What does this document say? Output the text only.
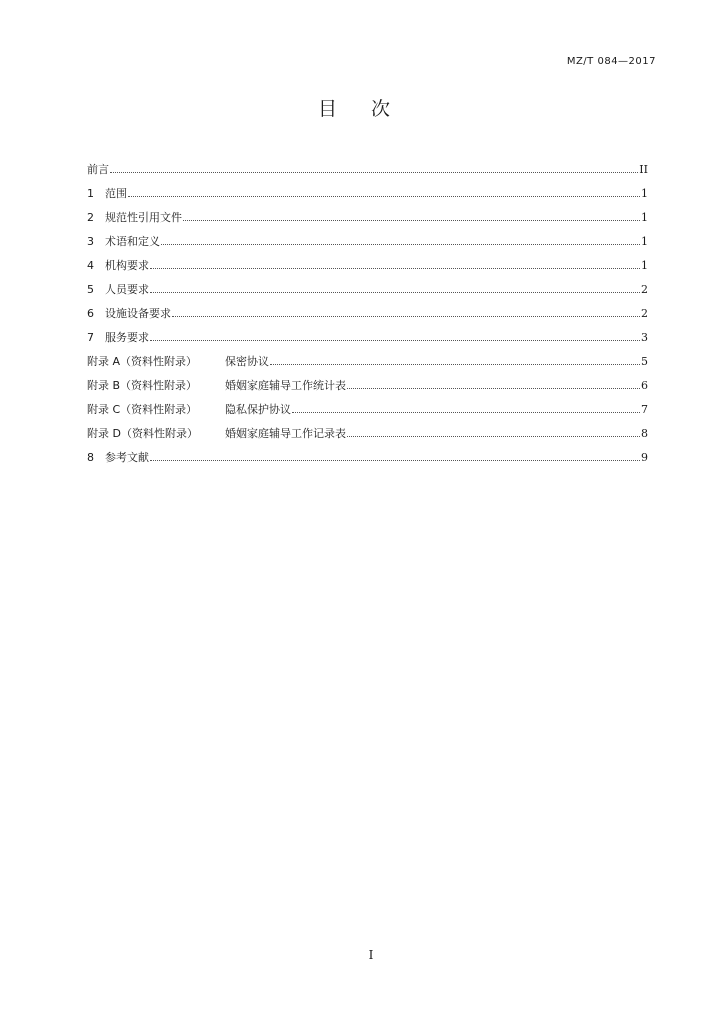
MZ/T 084—2017
目次
前言	II
1	范围	1
2	规范性引用文件	1
3	术语和定义	1
4	机构要求	1
5	人员要求	2
6	设施设备要求	2
7	服务要求	3
附录 A（资料性附录）	保密协议	5
附录 B（资料性附录）	婚姻家庭辅导工作统计表	6
附录 C（资料性附录）	隐私保护协议	7
附录 D（资料性附录）	婚姻家庭辅导工作记录表	8
8	参考文献	9
I
